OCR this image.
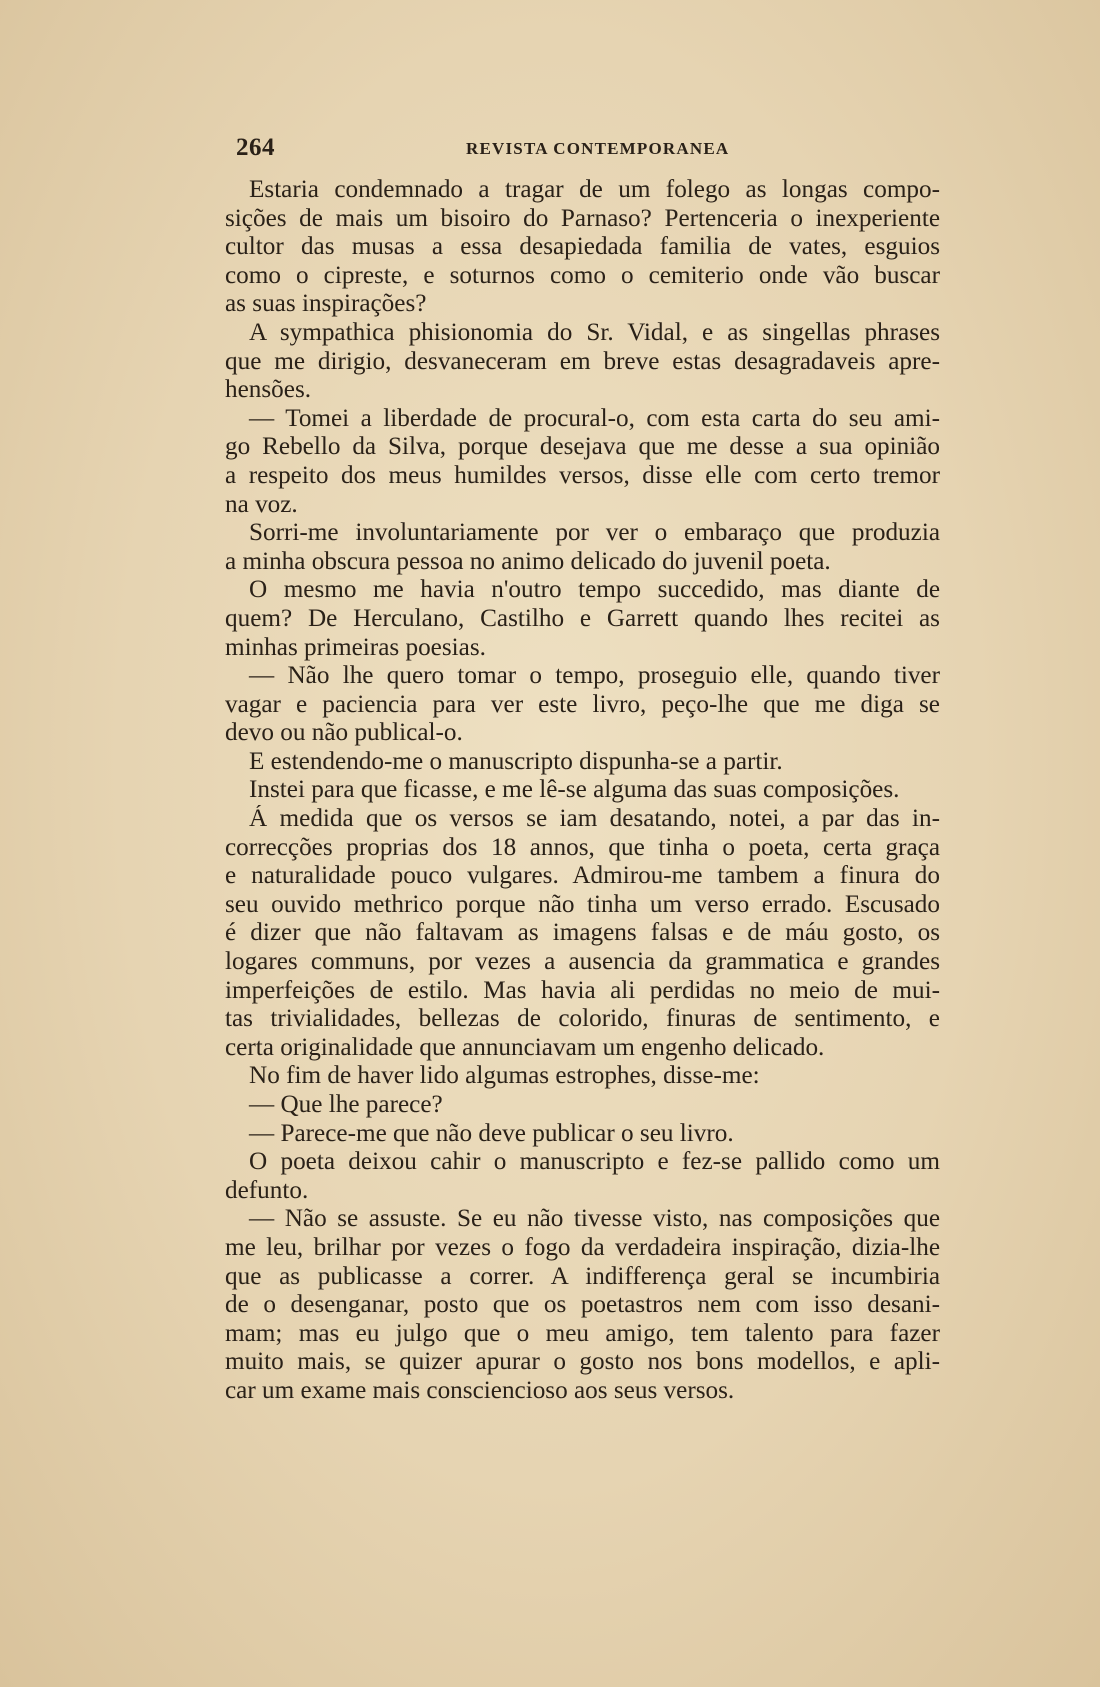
264	REVISTA CONTEMPORANEA
Estaria condemnado a tragar de um folego as longas compo-
sições de mais um bisoiro do Parnaso? Pertenceria o inexperiente
cultor das musas a essa desapiedada familia de vates, esguios
como o cipreste, e soturnos como o cemiterio onde vão buscar
as suas inspirações?
A sympathica phisionomia do Sr. Vidal, e as singellas phrases
que me dirigio, desvaneceram em breve estas desagradaveis apre-
hensões.
— Tomei a liberdade de procural-o, com esta carta do seu ami-
go Rebello da Silva, porque desejava que me desse a sua opinião
a respeito dos meus humildes versos, disse elle com certo tremor
na voz.
Sorri-me involuntariamente por ver o embaraço que produzia
a minha obscura pessoa no animo delicado do juvenil poeta.
O mesmo me havia n'outro tempo succedido, mas diante de
quem? De Herculano, Castilho e Garrett quando lhes recitei as
minhas primeiras poesias.
— Não lhe quero tomar o tempo, proseguio elle, quando tiver
vagar e paciencia para ver este livro, peço-lhe que me diga se
devo ou não publical-o.
E estendendo-me o manuscripto dispunha-se a partir.
Instei para que ficasse, e me lê-se alguma das suas composições.
Á medida que os versos se iam desatando, notei, a par das in-
correcções proprias dos 18 annos, que tinha o poeta, certa graça
e naturalidade pouco vulgares. Admirou-me tambem a finura do
seu ouvido methrico porque não tinha um verso errado. Escusado
é dizer que não faltavam as imagens falsas e de máu gosto, os
logares communs, por vezes a ausencia da grammatica e grandes
imperfeições de estilo. Mas havia ali perdidas no meio de mui-
tas trivialidades, bellezas de colorido, finuras de sentimento, e
certa originalidade que annunciavam um engenho delicado.
No fim de haver lido algumas estrophes, disse-me:
— Que lhe parece?
— Parece-me que não deve publicar o seu livro.
O poeta deixou cahir o manuscripto e fez-se pallido como um
defunto.
— Não se assuste. Se eu não tivesse visto, nas composições que
me leu, brilhar por vezes o fogo da verdadeira inspiração, dizia-lhe
que as publicasse a correr. A indifferença geral se incumbiria
de o desenganar, posto que os poetastros nem com isso desani-
mam; mas eu julgo que o meu amigo, tem talento para fazer
muito mais, se quizer apurar o gosto nos bons modellos, e apli-
car um exame mais consciencioso aos seus versos.
